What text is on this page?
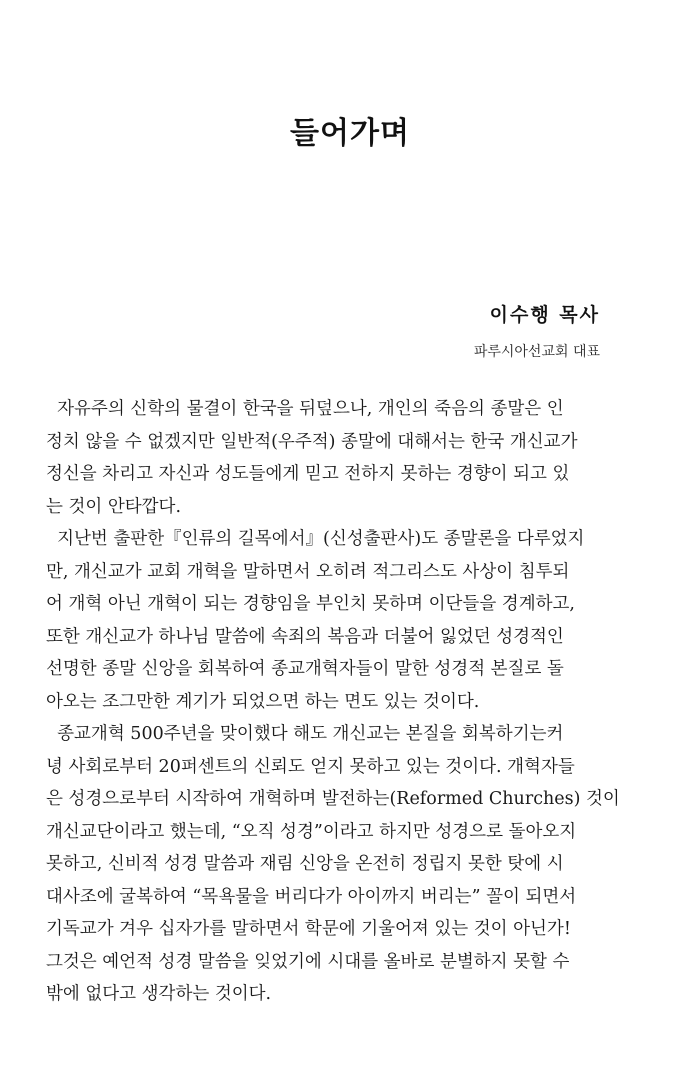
들어가며
이수행 목사
파루시아선교회 대표
자유주의 신학의 물결이 한국을 뒤덮으나, 개인의 죽음의 종말은 인
정치 않을 수 없겠지만 일반적(우주적) 종말에 대해서는 한국 개신교가
정신을 차리고 자신과 성도들에게 믿고 전하지 못하는 경향이 되고 있
는 것이 안타깝다.
지난번 출판한『인류의 길목에서』(신성출판사)도 종말론을 다루었지
만, 개신교가 교회 개혁을 말하면서 오히려 적그리스도 사상이 침투되
어 개혁 아닌 개혁이 되는 경향임을 부인치 못하며 이단들을 경계하고,
또한 개신교가 하나님 말씀에 속죄의 복음과 더불어 잃었던 성경적인
선명한 종말 신앙을 회복하여 종교개혁자들이 말한 성경적 본질로 돌
아오는 조그만한 계기가 되었으면 하는 면도 있는 것이다.
종교개혁 500주년을 맞이했다 해도 개신교는 본질을 회복하기는커
녕 사회로부터 20퍼센트의 신뢰도 얻지 못하고 있는 것이다. 개혁자들
은 성경으로부터 시작하여 개혁하며 발전하는(Reformed Churches) 것이
개신교단이라고 했는데, “오직 성경”이라고 하지만 성경으로 돌아오지
못하고, 신비적 성경 말씀과 재림 신앙을 온전히 정립지 못한 탓에 시
대사조에 굴복하여 “목욕물을 버리다가 아이까지 버리는” 꼴이 되면서
기독교가 겨우 십자가를 말하면서 학문에 기울어져 있는 것이 아닌가!
그것은 예언적 성경 말씀을 잊었기에 시대를 올바로 분별하지 못할 수
밖에 없다고 생각하는 것이다.
